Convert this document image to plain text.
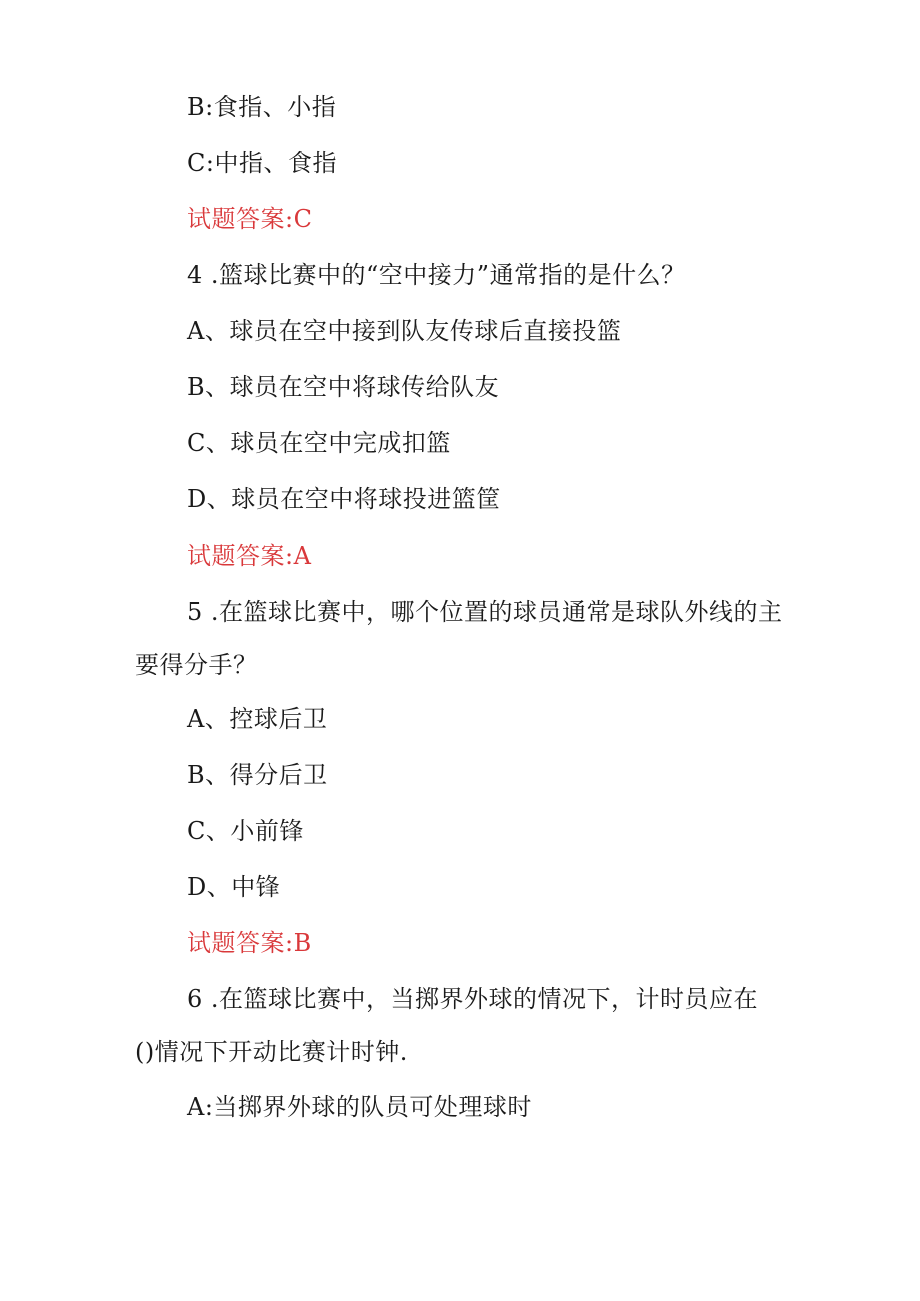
B:食指、小指
C:中指、食指
试题答案:C
4 .篮球比赛中的“空中接力”通常指的是什么？
A、球员在空中接到队友传球后直接投篮
B、球员在空中将球传给队友
C、球员在空中完成扣篮
D、球员在空中将球投进篮筐
试题答案:A
5 .在篮球比赛中，哪个位置的球员通常是球队外线的主
要得分手？
A、控球后卫
B、得分后卫
C、小前锋
D、中锋
试题答案:B
6 .在篮球比赛中，当掷界外球的情况下，计时员应在
()情况下开动比赛计时钟.
A:当掷界外球的队员可处理球时
